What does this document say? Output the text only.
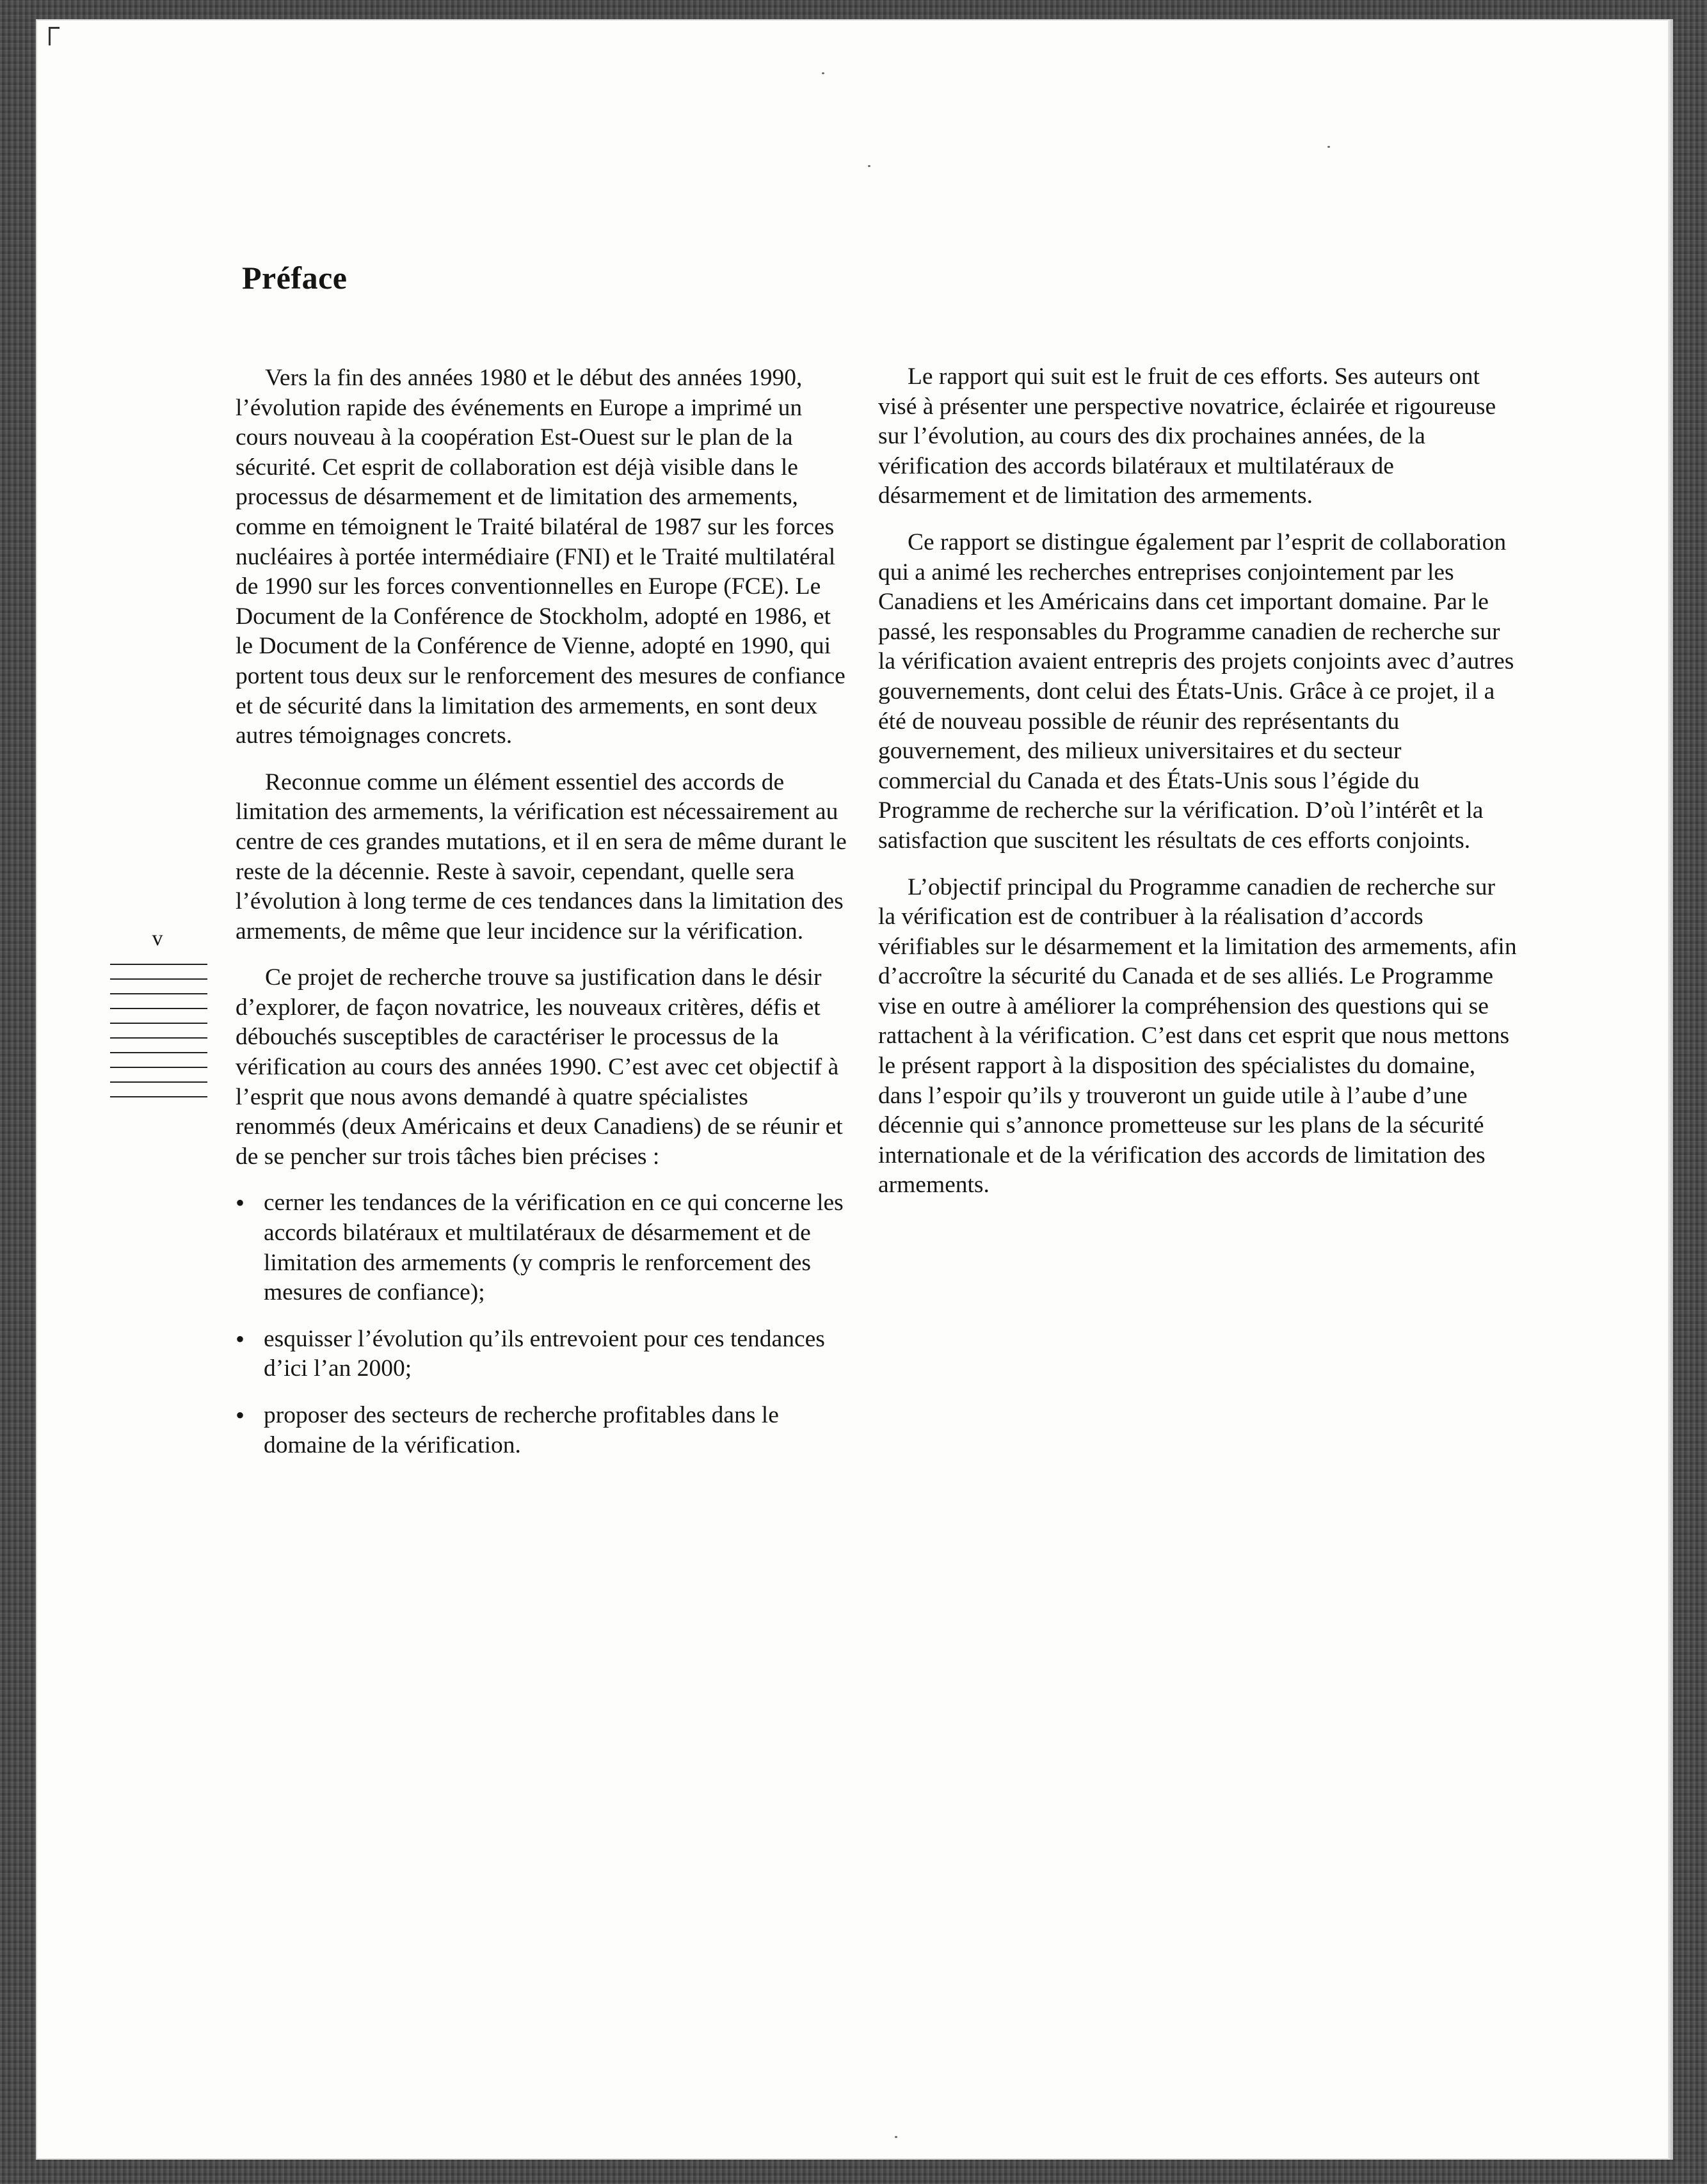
Préface

Vers la fin des années 1980 et le début des années 1990, l’évolution rapide des événements en Europe a imprimé un cours nouveau à la coopération Est-Ouest sur le plan de la sécurité. Cet esprit de collaboration est déjà visible dans le processus de désarmement et de limitation des armements, comme en témoignent le Traité bilatéral de 1987 sur les forces nucléaires à portée intermédiaire (FNI) et le Traité multilatéral de 1990 sur les forces conventionnelles en Europe (FCE). Le Document de la Conférence de Stockholm, adopté en 1986, et le Document de la Conférence de Vienne, adopté en 1990, qui portent tous deux sur le renforcement des mesures de confiance et de sécurité dans la limitation des armements, en sont deux autres témoignages concrets.

Reconnue comme un élément essentiel des accords de limitation des armements, la vérification est nécessairement au centre de ces grandes mutations, et il en sera de même durant le reste de la décennie. Reste à savoir, cependant, quelle sera l’évolution à long terme de ces tendances dans la limitation des armements, de même que leur incidence sur la vérification.

Ce projet de recherche trouve sa justification dans le désir d’explorer, de façon novatrice, les nouveaux critères, défis et débouchés susceptibles de caractériser le processus de la vérification au cours des années 1990. C’est avec cet objectif à l’esprit que nous avons demandé à quatre spécialistes renommés (deux Américains et deux Canadiens) de se réunir et de se pencher sur trois tâches bien précises :

• cerner les tendances de la vérification en ce qui concerne les accords bilatéraux et multilatéraux de désarmement et de limitation des armements (y compris le renforcement des mesures de confiance);
• esquisser l’évolution qu’ils entrevoient pour ces tendances d’ici l’an 2000;
• proposer des secteurs de recherche profitables dans le domaine de la vérification.

Le rapport qui suit est le fruit de ces efforts. Ses auteurs ont visé à présenter une perspective novatrice, éclairée et rigoureuse sur l’évolution, au cours des dix prochaines années, de la vérification des accords bilatéraux et multilatéraux de désarmement et de limitation des armements.

Ce rapport se distingue également par l’esprit de collaboration qui a animé les recherches entreprises conjointement par les Canadiens et les Américains dans cet important domaine. Par le passé, les responsables du Programme canadien de recherche sur la vérification avaient entrepris des projets conjoints avec d’autres gouvernements, dont celui des États-Unis. Grâce à ce projet, il a été de nouveau possible de réunir des représentants du gouvernement, des milieux universitaires et du secteur commercial du Canada et des États-Unis sous l’égide du Programme de recherche sur la vérification. D’où l’intérêt et la satisfaction que suscitent les résultats de ces efforts conjoints.

L’objectif principal du Programme canadien de recherche sur la vérification est de contribuer à la réalisation d’accords vérifiables sur le désarmement et la limitation des armements, afin d’accroître la sécurité du Canada et de ses alliés. Le Programme vise en outre à améliorer la compréhension des questions qui se rattachent à la vérification. C’est dans cet esprit que nous mettons le présent rapport à la disposition des spécialistes du domaine, dans l’espoir qu’ils y trouveront un guide utile à l’aube d’une décennie qui s’annonce prometteuse sur les plans de la sécurité internationale et de la vérification des accords de limitation des armements.

v
